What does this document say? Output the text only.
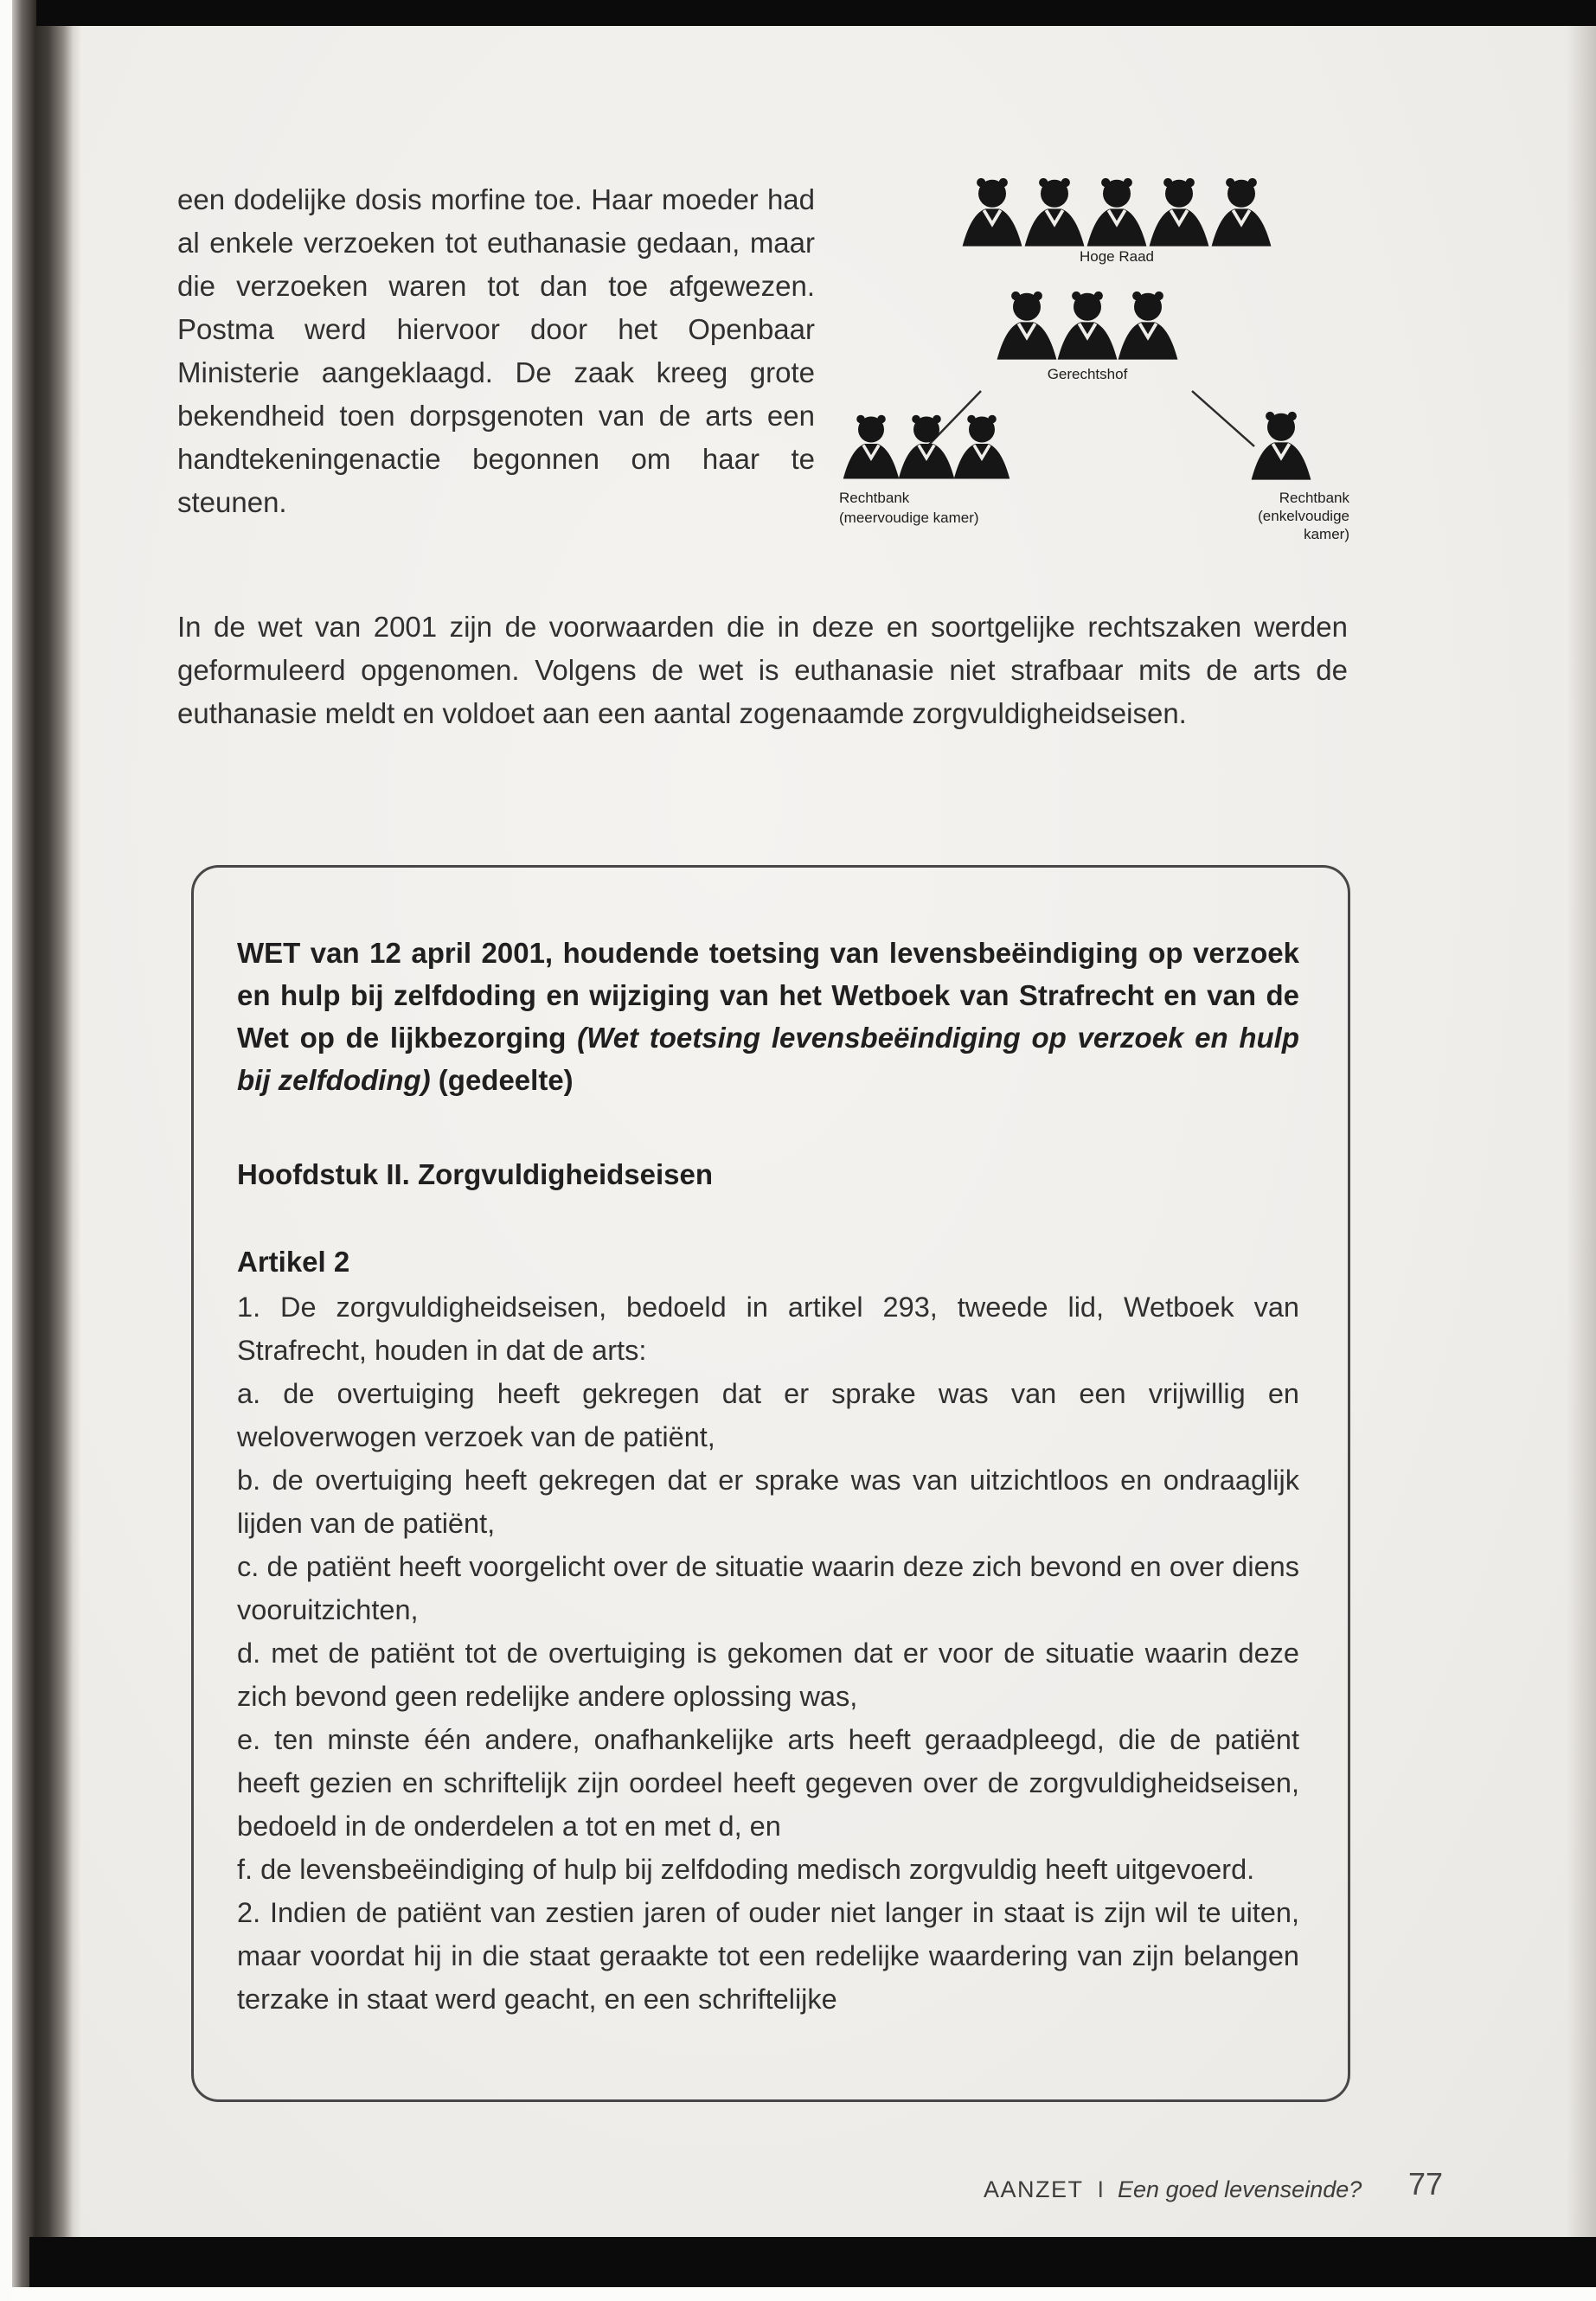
een dodelijke dosis morfine toe. Haar moeder had al enkele verzoeken tot euthanasie gedaan, maar die verzoeken waren tot dan toe afgewezen. Postma werd hiervoor door het Openbaar Ministerie aangeklaagd. De zaak kreeg grote bekendheid toen dorpsgenoten van de arts een handtekeningenactie begonnen om haar te steunen.

Hoge Raad
Gerechtshof
Rechtbank
(meervoudige kamer)
Rechtbank
(enkelvoudige
kamer)

In de wet van 2001 zijn de voorwaarden die in deze en soortgelijke rechtszaken werden geformuleerd opgenomen. Volgens de wet is euthanasie niet strafbaar mits de arts de euthanasie meldt en voldoet aan een aantal zogenaamde zorgvuldigheidseisen.

WET van 12 april 2001, houdende toetsing van levensbeëindiging op verzoek en hulp bij zelfdoding en wijziging van het Wetboek van Strafrecht en van de Wet op de lijkbezorging (Wet toetsing levensbeëindiging op verzoek en hulp bij zelfdoding) (gedeelte)

Hoofdstuk II. Zorgvuldigheidseisen
Artikel 2

1. De zorgvuldigheidseisen, bedoeld in artikel 293, tweede lid, Wetboek van Strafrecht, houden in dat de arts:

a. de overtuiging heeft gekregen dat er sprake was van een vrijwillig en weloverwogen verzoek van de patiënt,

b. de overtuiging heeft gekregen dat er sprake was van uitzichtloos en ondraaglijk lijden van de patiënt,

c. de patiënt heeft voorgelicht over de situatie waarin deze zich bevond en over diens vooruitzichten,

d. met de patiënt tot de overtuiging is gekomen dat er voor de situatie waarin deze zich bevond geen redelijke andere oplossing was,

e. ten minste één andere, onafhankelijke arts heeft geraadpleegd, die de patiënt heeft gezien en schriftelijk zijn oordeel heeft gegeven over de zorgvuldigheidseisen, bedoeld in de onderdelen a tot en met d, en

f. de levensbeëindiging of hulp bij zelfdoding medisch zorgvuldig heeft uitgevoerd.

2. Indien de patiënt van zestien jaren of ouder niet langer in staat is zijn wil te uiten, maar voordat hij in die staat geraakte tot een redelijke waardering van zijn belangen terzake in staat werd geacht, en een schriftelijke

AANZET I Een goed levenseinde? 77
